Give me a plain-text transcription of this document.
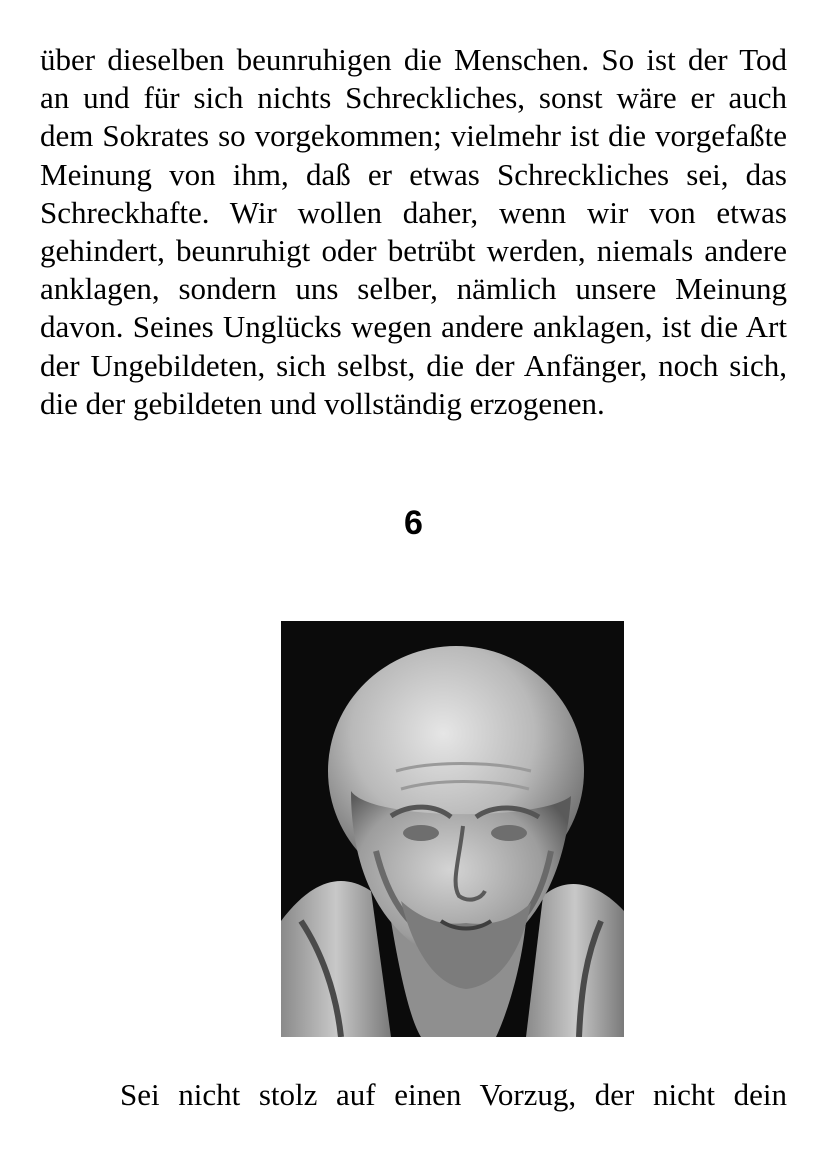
über dieselben beunruhigen die Menschen. So ist der Tod an und für sich nichts Schreckliches, sonst wäre er auch dem Sokrates so vorgekommen; vielmehr ist die vorgefaßte Meinung von ihm, daß er etwas Schreckliches sei, das Schreckhafte. Wir wollen daher, wenn wir von etwas gehindert, beunruhigt oder betrübt werden, niemals andere anklagen, sondern uns selber, nämlich unsere Meinung davon. Seines Unglücks wegen andere anklagen, ist die Art der Ungebildeten, sich selbst, die der Anfänger, noch sich, die der gebildeten und vollständig erzogenen.

6

Sei nicht stolz auf einen Vorzug, der nicht dein
